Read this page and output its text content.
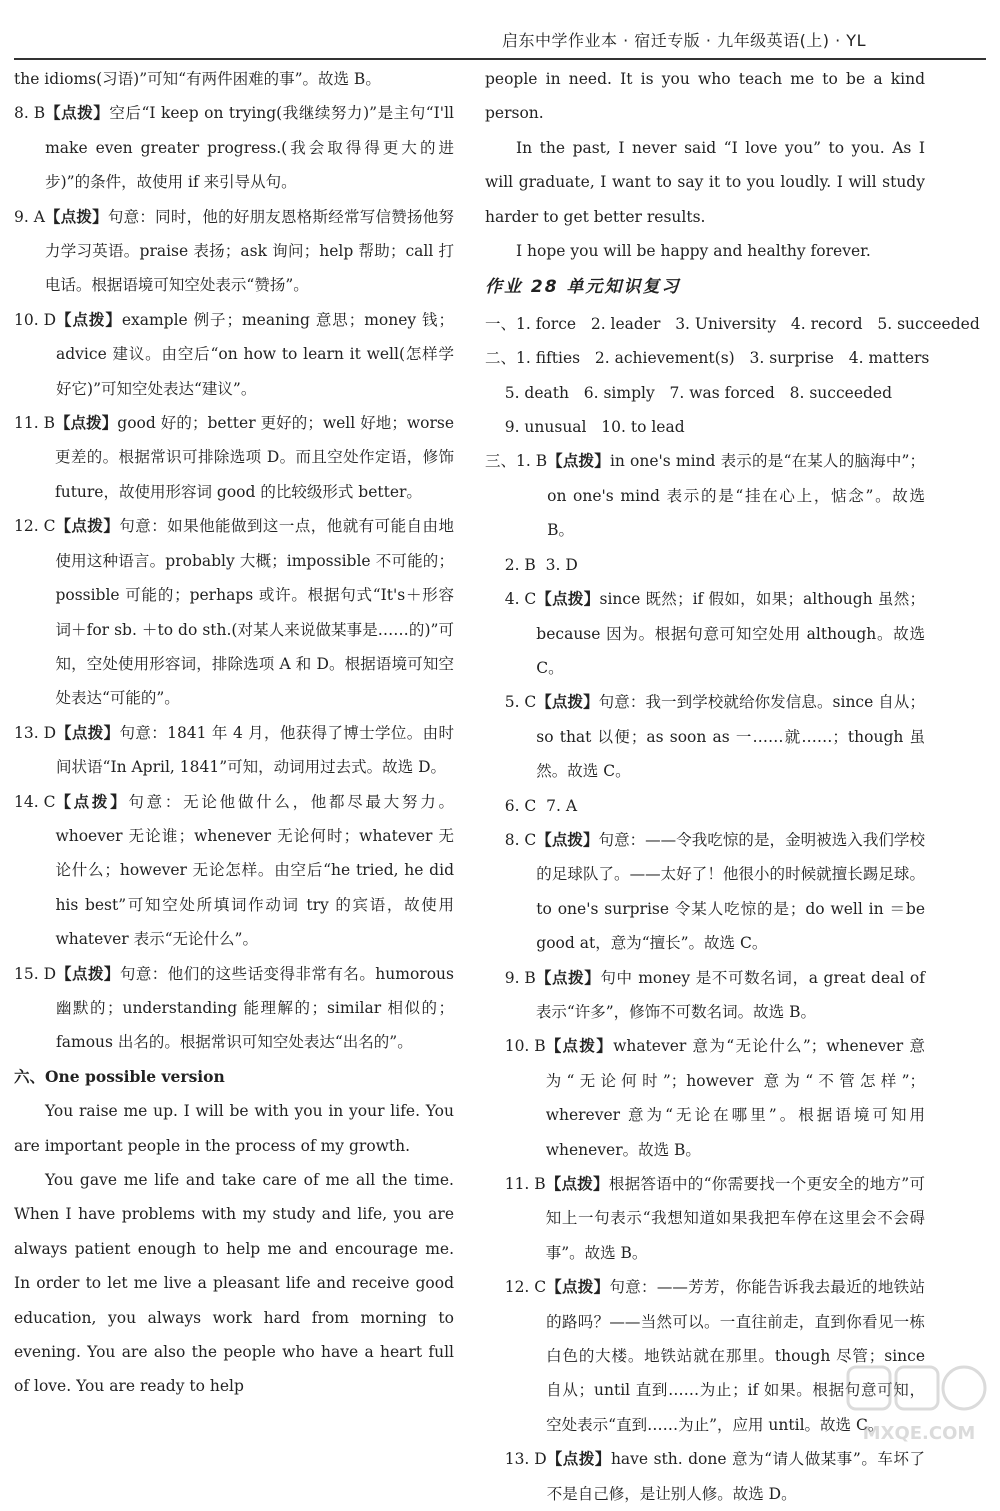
启东中学作业本 · 宿迁专版 · 九年级英语(上) · YL

the idioms(习语)”可知“有两件困难的事”。故选 B。

8. B 【点拨】空后“I keep on trying(我继续努力)”是主句“I'll make even greater progress.(我会取得得更大的进步)”的条件，故使用 if 来引导从句。
9. A 【点拨】句意：同时，他的好朋友恩格斯经常写信赞扬他努力学习英语。praise 表扬；ask 询问；help 帮助；call 打电话。根据语境可知空处表示“赞扬”。
10. D 【点拨】example 例子；meaning 意思；money 钱；advice 建议。由空后“on how to learn it well(怎样学好它)”可知空处表达“建议”。
11. B 【点拨】good 好的；better 更好的；well 好地；worse 更差的。根据常识可排除选项 D。而且空处作定语，修饰 future，故使用形容词 good 的比较级形式 better。
12. C 【点拨】句意：如果他能做到这一点，他就有可能自由地使用这种语言。probably 大概；impossible 不可能的；possible 可能的；perhaps 或许。根据句式“It's＋形容词＋for sb. ＋to do sth.(对某人来说做某事是……的)”可知，空处使用形容词，排除选项 A 和 D。根据语境可知空处表达“可能的”。
13. D 【点拨】句意：1841 年 4 月，他获得了博士学位。由时间状语“In April, 1841”可知，动词用过去式。故选 D。
14. C 【点拨】句意：无论他做什么，他都尽最大努力。whoever 无论谁；whenever 无论何时；whatever 无论什么；however 无论怎样。由空后“he tried, he did his best”可知空处所填词作动词 try 的宾语，故使用 whatever 表示“无论什么”。
15. D 【点拨】句意：他们的这些话变得非常有名。humorous 幽默的；understanding 能理解的；similar 相似的；famous 出名的。根据常识可知空处表达“出名的”。

六、One possible version

You raise me up. I will be with you in your life. You are important people in the process of my growth.

You gave me life and take care of me all the time. When I have problems with my study and life, you are always patient enough to help me and encourage me. In order to let me live a pleasant life and receive good education, you always work hard from morning to evening. You are also the people who have a heart full of love. You are ready to help

people in need. It is you who teach me to be a kind person.

In the past, I never said “I love you” to you. As I will graduate, I want to say it to you loudly. I will study harder to get better results.

I hope you will be happy and healthy forever.

作业 28 单元知识复习
一、1. force   2. leader   3. University   4. record   5. succeeded
二、1. fifties   2. achievement(s)   3. surprise   4. matters
5. death   6. simply   7. was forced   8. succeeded
9. unusual   10. to lead
三、1. B 【点拨】in one's mind 表示的是“在某人的脑海中”；on one's mind 表示的是“挂在心上，惦念”。故选 B。
2. B  3. D
4. C 【点拨】since 既然；if 假如，如果；although 虽然；because 因为。根据句意可知空处用 although。故选 C。
5. C 【点拨】句意：我一到学校就给你发信息。since 自从；so that 以便；as soon as 一……就……；though 虽然。故选 C。
6. C  7. A
8. C 【点拨】句意：——令我吃惊的是，金明被选入我们学校的足球队了。——太好了！他很小的时候就擅长踢足球。to one's surprise 令某人吃惊的是；do well in ＝be good at，意为“擅长”。故选 C。
9. B 【点拨】句中 money 是不可数名词，a great deal of 表示“许多”，修饰不可数名词。故选 B。
10. B 【点拨】whatever 意为“无论什么”；whenever 意为“无论何时”；however 意为“不管怎样”；wherever 意为“无论在哪里”。根据语境可知用 whenever。故选 B。
11. B 【点拨】根据答语中的“你需要找一个更安全的地方”可知上一句表示“我想知道如果我把车停在这里会不会碍事”。故选 B。
12. C 【点拨】句意：——芳芳，你能告诉我去最近的地铁站的路吗？——当然可以。一直往前走，直到你看见一栋白色的大楼。地铁站就在那里。though 尽管；since 自从；until 直到……为止；if 如果。根据句意可知，空处表示“直到……为止”，应用 until。故选 C。
13. D 【点拨】have sth. done 意为“请人做某事”。车坏了不是自己修，是让别人修。故选 D。
MXQE.COM
